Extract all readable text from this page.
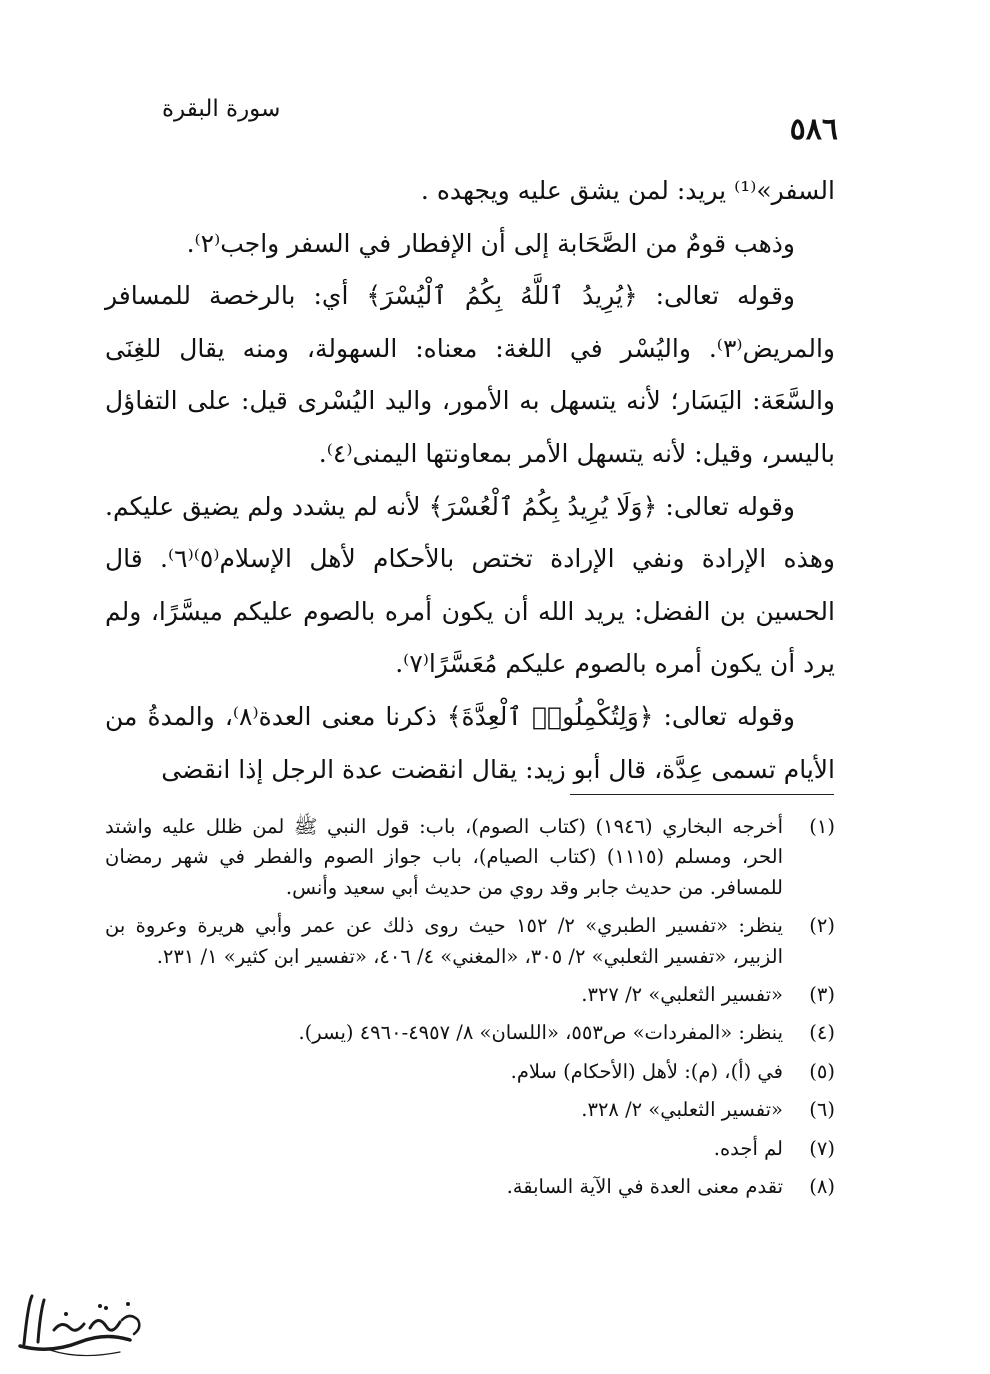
٥٨٦
سورة البقرة

السفر»⁽¹⁾ يريد: لمن يشق عليه ويجهده .

وذهب قومٌ من الصَّحَابة إلى أن الإفطار في السفر واجب⁽٢⁾.

وقوله تعالى: ﴿يُرِيدُ ٱللَّهُ بِكُمُ ٱلْيُسْرَ﴾ أي: بالرخصة للمسافر والمريض⁽٣⁾. واليُسْر في اللغة: معناه: السهولة، ومنه يقال للغِنَى والسَّعَة: اليَسَار؛ لأنه يتسهل به الأمور، واليد اليُسْرى قيل: على التفاؤل باليسر، وقيل: لأنه يتسهل الأمر بمعاونتها اليمنى⁽٤⁾.

وقوله تعالى: ﴿وَلَا يُرِيدُ بِكُمُ ٱلْعُسْرَ﴾ لأنه لم يشدد ولم يضيق عليكم. وهذه الإرادة ونفي الإرادة تختص بالأحكام لأهل الإسلام⁽٥⁾⁽٦⁾. قال الحسين بن الفضل: يريد الله أن يكون أمره بالصوم عليكم ميسَّرًا، ولم يرد أن يكون أمره بالصوم عليكم مُعَسَّرًا⁽٧⁾.

وقوله تعالى: ﴿وَلِتُكْمِلُوا۟ ٱلْعِدَّةَ﴾ ذكرنا معنى العدة⁽٨⁾، والمدةُ من الأيام تسمى عِدَّة، قال أبو زيد: يقال انقضت عدة الرجل إذا انقضى

(١)
أخرجه البخاري (١٩٤٦) (كتاب الصوم)، باب: قول النبي ﷺ لمن ظلل عليه واشتد الحر، ومسلم (١١١٥) (كتاب الصيام)، باب جواز الصوم والفطر في شهر رمضان للمسافر. من حديث جابر وقد روي من حديث أبي سعيد وأنس.
(٢)
ينظر: «تفسير الطبري» ٢/ ١٥٢ حيث روى ذلك عن عمر وأبي هريرة وعروة بن الزبير، «تفسير الثعلبي» ٢/ ٣٠٥، «المغني» ٤/ ٤٠٦، «تفسير ابن كثير» ١/ ٢٣١.
(٣)
«تفسير الثعلبي» ٢/ ٣٢٧.
(٤)
ينظر: «المفردات» ص٥٥٣، «اللسان» ٨/ ٤٩٥٧-٤٩٦٠ (يسر).
(٥)
في (أ)، (م): لأهل (الأحكام) سلام.
(٦)
«تفسير الثعلبي» ٢/ ٣٢٨.
(٧)
لم أجده.
(٨)
تقدم معنى العدة في الآية السابقة.
